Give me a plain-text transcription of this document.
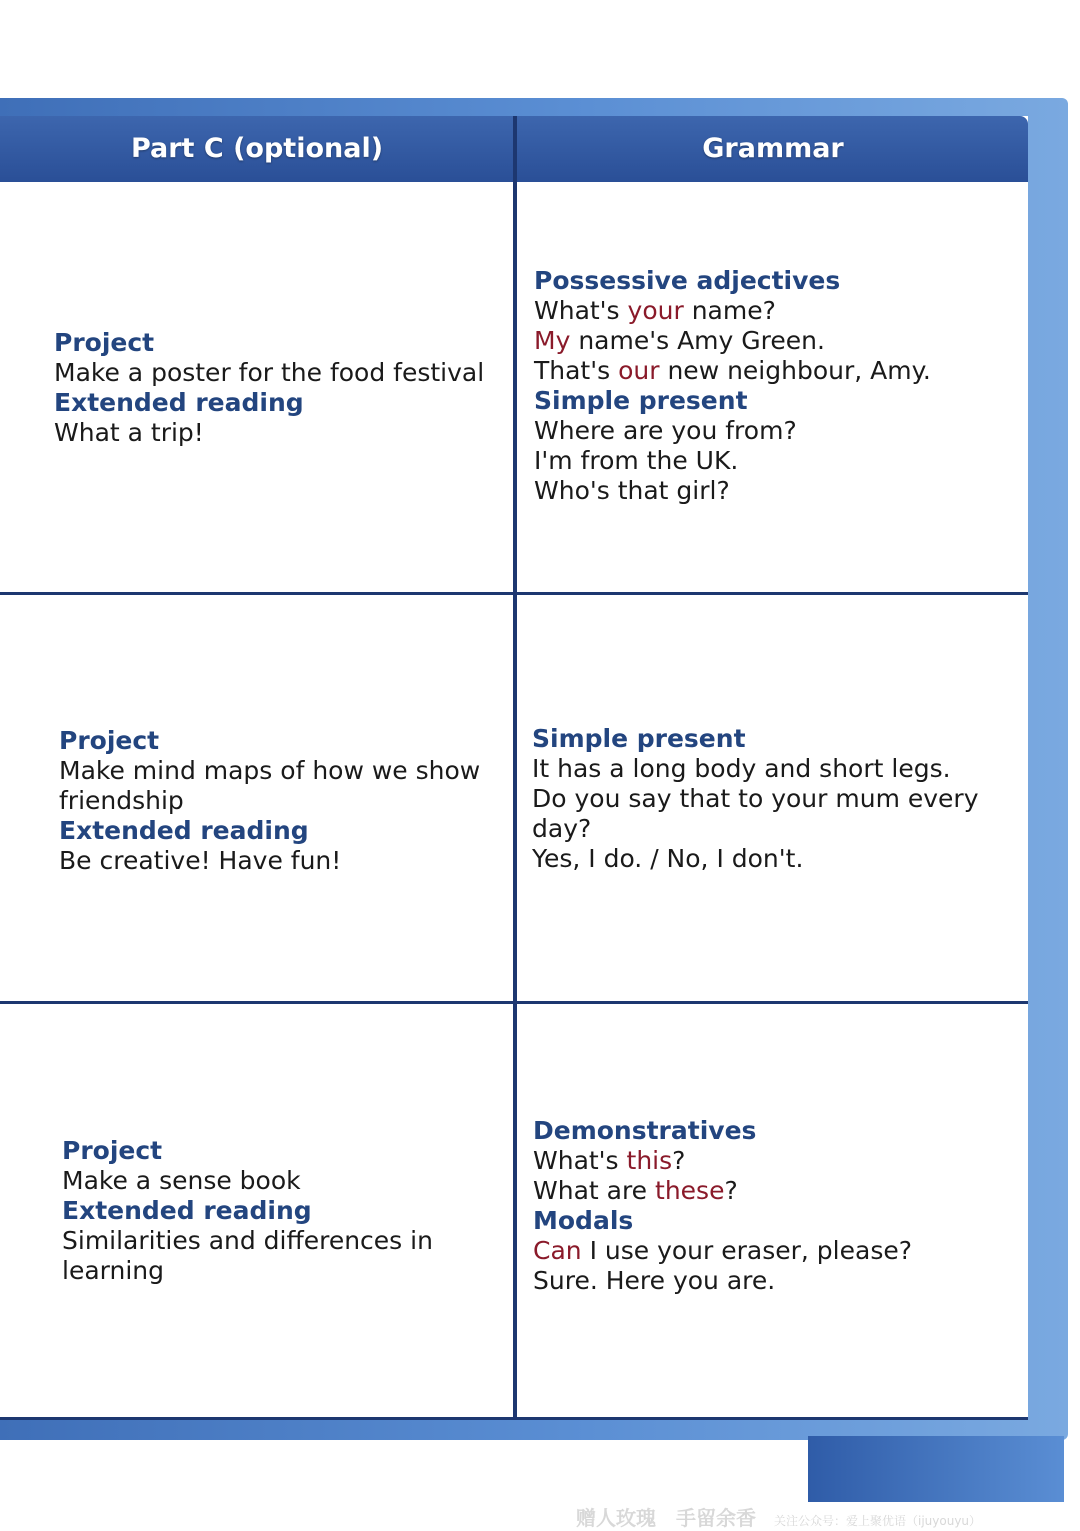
Part C (optional)	Grammar
Project
Make a poster for the food festival
Extended reading
What a trip!
Possessive adjectives
What's your name?
My name's Amy Green.
That's our new neighbour, Amy.
Simple present
Where are you from?
I'm from the UK.
Who's that girl?
Project
Make mind maps of how we show friendship
Extended reading
Be creative! Have fun!
Simple present
It has a long body and short legs.
Do you say that to your mum every day?
Yes, I do. / No, I don't.
Project
Make a sense book
Extended reading
Similarities and differences in learning
Demonstratives
What's this?
What are these?
Modals
Can I use your eraser, please?
Sure. Here you are.
赠人玫瑰　手留余香 关注公众号：爱上聚优语（ijuyouyu）
